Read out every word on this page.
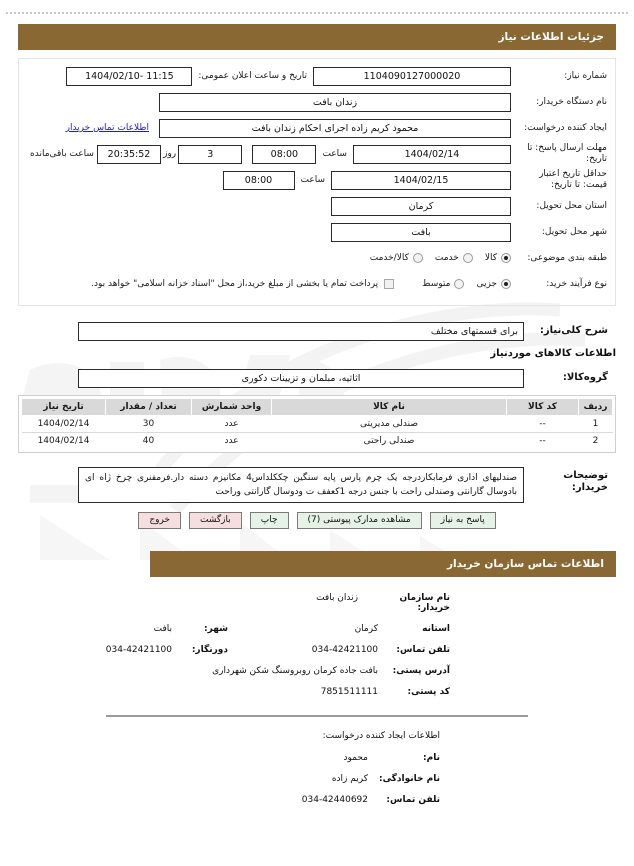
جزئیات اطلاعات نیاز
شماره نیاز:
1104090127000020
تاریخ و ساعت اعلان عمومی:
11:15 -1404/02/10
نام دستگاه خریدار:
زندان بافت
ایجاد کننده درخواست:
محمود کریم زاده اجرای احکام زندان بافت
اطلاعات تماس خریدار
مهلت ارسال پاسخ: تا تاریخ:
1404/02/14
ساعت
08:00
3
روز
20:35:52
ساعت باقی‌مانده
حداقل تاریخ اعتبار قیمت: تا تاریخ:
1404/02/15
ساعت
08:00
استان محل تحویل:
کرمان
شهر محل تحویل:
بافت
طبقه بندی موضوعی:
کالا
خدمت
کالا/خدمت
نوع فرآیند خرید:
جزیی
متوسط
پرداخت تمام یا بخشی از مبلغ خرید،از محل "اسناد خزانه اسلامی" خواهد بود.
شرح کلی‌نیاز:
برای قسمتهای مختلف
اطلاعات کالاهای موردنیاز
گروه‌کالا:
اثاثیه، مبلمان و تزیینات دکوری
ردیف	کد کالا	نام کالا	واحد شمارش	تعداد / مقدار	تاریخ نیاز
1	--	صندلی مدیریتی	عدد	30	1404/02/14
2	--	صندلی راحتی	عدد	40	1404/02/14
توضیحات خریدار:
صندلیهای اداری فرمابکاردرجه یک چرم پارس پایه سنگین چککلداس4 مکانیزم دسته دار.فرمفنری چرخ ژاه ای بادوسال گارانتی وصندلی راحت با جنس درجه 1کعفف ت ودوسال گارانتی وراحت
پاسخ به نیاز
مشاهده مدارک پیوستی (7)
چاپ
بازگشت
خروج
اطلاعات تماس سازمان خریدار
نام سازمان خریدار:
زندان بافت
استانه
کرمان
شهر:
بافت
تلفن تماس:
034-42421100
دورنگار:
034-42421100
آدرس پستی:
بافت جاده کرمان روبروسنگ شکن شهرداری
کد پستی:
7851511111
اطلاعات ایجاد کننده درخواست:
نام:
محمود
نام خانوادگی:
کریم زاده
تلفن تماس:
034-42440692
